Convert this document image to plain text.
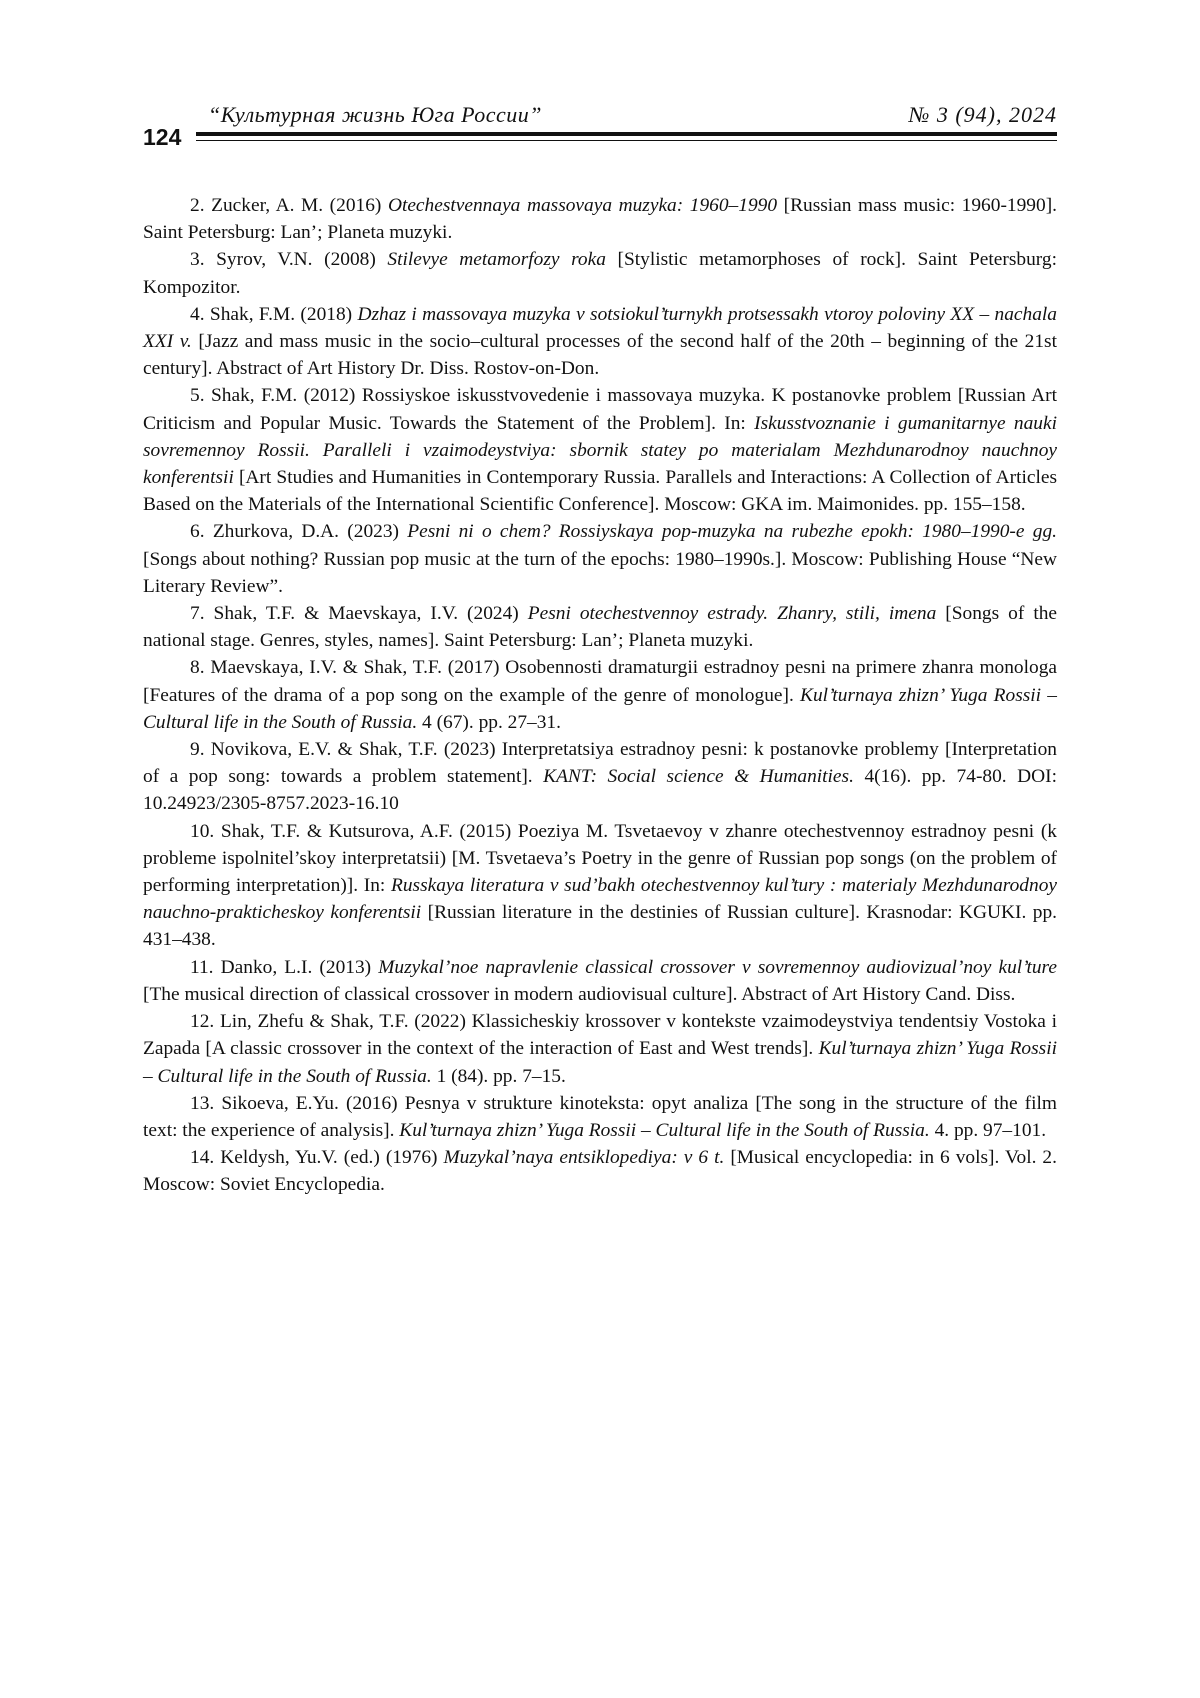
“Культурная жизнь Юга России”	№ 3 (94), 2024
124

2. Zucker, A. M. (2016) Otechestvennaya massovaya muzyka: 1960–1990 [Russian mass music: 1960-1990]. Saint Petersburg: Lan’; Planeta muzyki.

3. Syrov, V.N. (2008) Stilevye metamorfozy roka [Stylistic metamorphoses of rock]. Saint Petersburg: Kompozitor.

4. Shak, F.M. (2018) Dzhaz i massovaya muzyka v sotsiokul’turnykh protsessakh vtoroy poloviny XX – nachala XXI v. [Jazz and mass music in the socio–cultural processes of the second half of the 20th – beginning of the 21st century]. Abstract of Art History Dr. Diss. Rostov-on-Don.

5. Shak, F.M. (2012) Rossiyskoe iskusstvovedenie i massovaya muzyka. K postanovke problem [Russian Art Criticism and Popular Music. Towards the Statement of the Problem]. In: Iskusstvoznanie i gumanitarnye nauki sovremennoy Rossii. Paralleli i vzaimodeystviya: sbornik statey po materialam Mezhdunarodnoy nauchnoy konferentsii [Art Studies and Humanities in Contemporary Russia. Parallels and Interactions: A Collection of Articles Based on the Materials of the International Scientific Conference]. Moscow: GKA im. Maimonides. pp. 155–158.

6. Zhurkova, D.A. (2023) Pesni ni o chem? Rossiyskaya pop-muzyka na rubezhe epokh: 1980–1990-e gg. [Songs about nothing? Russian pop music at the turn of the epochs: 1980–1990s.]. Moscow: Publishing House “New Literary Review”.

7. Shak, T.F. & Maevskaya, I.V. (2024) Pesni otechestvennoy estrady. Zhanry, stili, imena [Songs of the national stage. Genres, styles, names]. Saint Petersburg: Lan’; Planeta muzyki.

8. Maevskaya, I.V. & Shak, T.F. (2017) Osobennosti dramaturgii estradnoy pesni na primere zhanra monologa [Features of the drama of a pop song on the example of the genre of monologue]. Kul’turnaya zhizn’ Yuga Rossii – Cultural life in the South of Russia. 4 (67). pp. 27–31.

9. Novikova, E.V. & Shak, T.F. (2023) Interpretatsiya estradnoy pesni: k postanovke problemy [Interpretation of a pop song: towards a problem statement]. KANT: Social science & Humanities. 4(16). pp. 74-80. DOI: 10.24923/2305-8757.2023-16.10

10. Shak, T.F. & Kutsurova, A.F. (2015) Poeziya M. Tsvetaevoy v zhanre otechestvennoy estradnoy pesni (k probleme ispolnitel’skoy interpretatsii) [M. Tsvetaeva’s Poetry in the genre of Russian pop songs (on the problem of performing interpretation)]. In: Russkaya literatura v sud’bakh otechestvennoy kul’tury : materialy Mezhdunarodnoy nauchno-prakticheskoy konferentsii [Russian literature in the destinies of Russian culture]. Krasnodar: KGUKI. pp. 431–438.

11. Danko, L.I. (2013) Muzykal’noe napravlenie classical crossover v sovremennoy audiovizual’noy kul’ture [The musical direction of classical crossover in modern audiovisual culture]. Abstract of Art History Cand. Diss.

12. Lin, Zhefu & Shak, T.F. (2022) Klassicheskiy krossover v kontekste vzaimodeystviya tendentsiy Vostoka i Zapada [A classic crossover in the context of the interaction of East and West trends]. Kul’turnaya zhizn’ Yuga Rossii – Cultural life in the South of Russia. 1 (84). pp. 7–15.

13. Sikoeva, E.Yu. (2016) Pesnya v strukture kinoteksta: opyt analiza [The song in the structure of the film text: the experience of analysis]. Kul’turnaya zhizn’ Yuga Rossii – Cultural life in the South of Russia. 4. pp. 97–101.

14. Keldysh, Yu.V. (ed.) (1976) Muzykal’naya entsiklopediya: v 6 t. [Musical encyclopedia: in 6 vols]. Vol. 2. Moscow: Soviet Encyclopedia.
